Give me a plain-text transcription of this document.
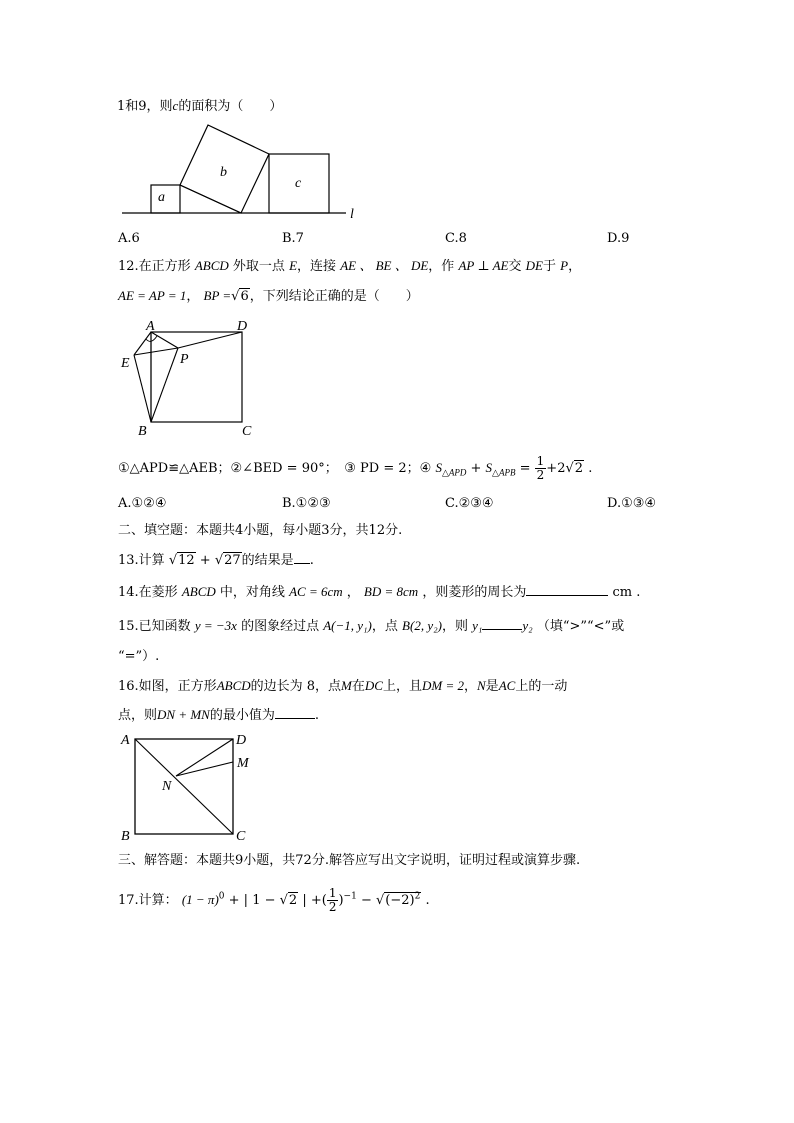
1和9，则c的面积为（　　）
a
b
c
l
A.6	B.7	C.8	D.9
12.在正方形 ABCD 外取一点 E，连接 AE 、 BE 、 DE，作 AP ⊥ AE交 DE于 P，
AE = AP = 1， BP =√6，下列结论正确的是（　　）
A	D
E	P
B	C
①△APD≌△AEB；②∠BED = 90°；　③ PD = 2；④ $S_{\triangle APD} + S_{\triangle APB} = \frac{1}{2} +2√2$ .
A.①②④	B.①②③	C.②③④	D.①③④
二、填空题：本题共4小题，每小题3分，共12分.
13.计算 √12 + √27的结果是 .
14.在菱形 ABCD 中，对角线 AC = 6cm ， BD = 8cm ，则菱形的周长为	cm .
15.已知函数 y = −3x 的图象经过点 A(−1, y₁)，点 B(2, y₂)，则 y₁	y₂ （填“>”“<”或
“=”）.
16.如图，正方形ABCD的边长为 8，点M在DC上，且DM = 2，N是AC上的一动
点，则DN + MN的最小值为	.
A	D
M
N
B	C
三、解答题：本题共9小题，共72分.解答应写出文字说明，证明过程或演算步骤.
17.计算： $(1 - \pi)^0$ + | 1 − √2 | +( $\frac{1}{2} )^{-1} - √(-2)^2$ .
